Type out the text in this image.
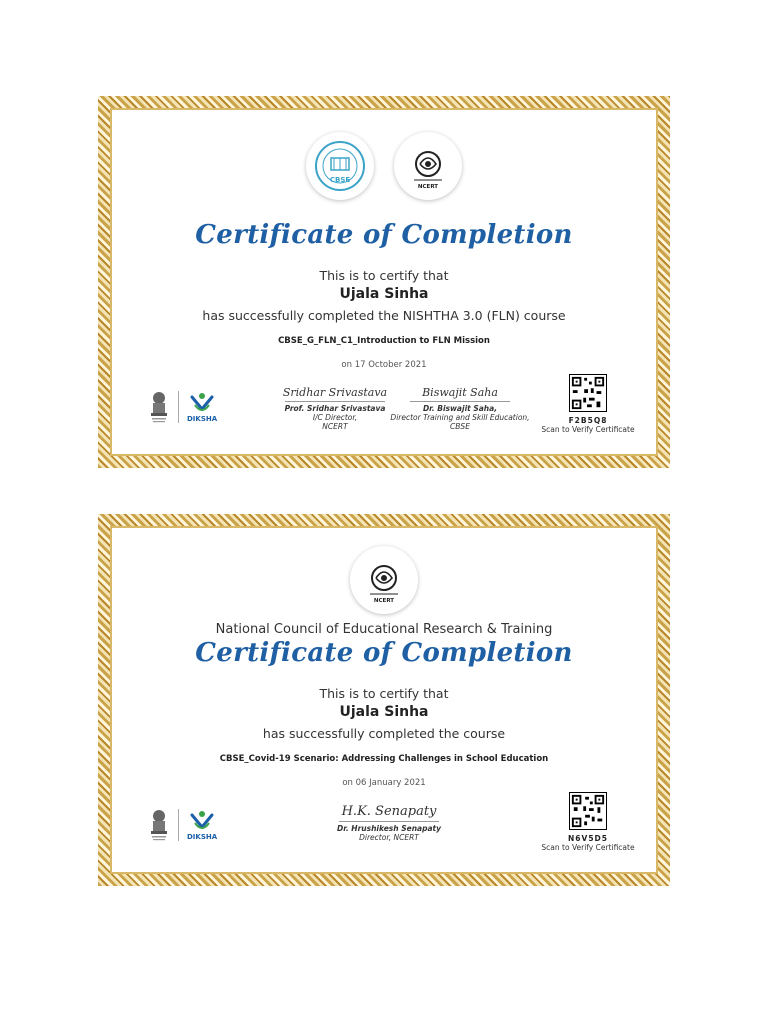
CBSE
NCERT
Certificate of Completion
This is to certify that
Ujala Sinha
has successfully completed the NISHTHA 3.0 (FLN) course
CBSE_G_FLN_C1_Introduction to FLN Mission
on 17 October 2021
DIKSHA
Sridhar Srivastava
Prof. Sridhar Srivastava
I/C Director,
NCERT
Biswajit Saha
Dr. Biswajit Saha,
Director Training and Skill Education,
CBSE
F2B5Q8
Scan to Verify Certificate
NCERT
National Council of Educational Research & Training
Certificate of Completion
This is to certify that
Ujala Sinha
has successfully completed the course
CBSE_Covid-19 Scenario: Addressing Challenges in School Education
on 06 January 2021
DIKSHA
H.K. Senapaty
Dr. Hrushikesh Senapaty
Director, NCERT	N6V5D5
Scan to Verify Certificate
